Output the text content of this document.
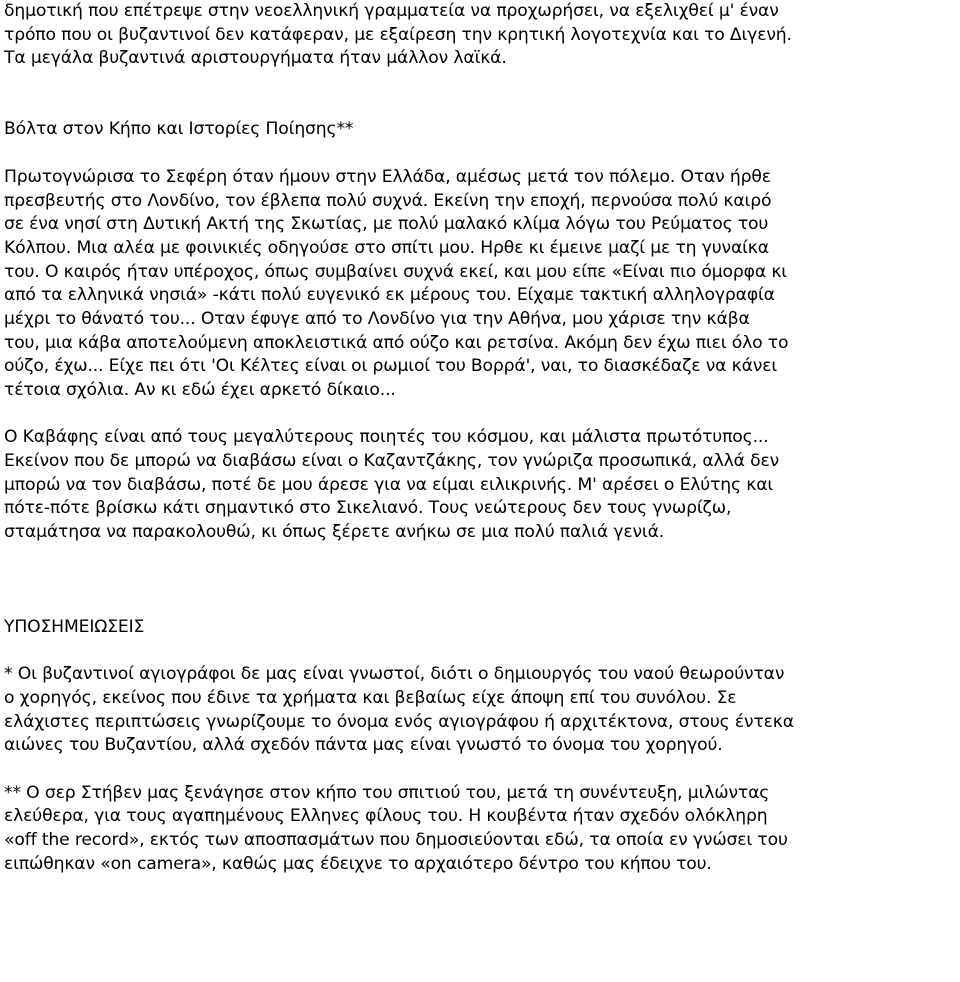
δημοτική που επέτρεψε στην νεοελληνική γραμματεία να προχωρήσει, να εξελιχθεί μ' έναν
τρόπο που οι βυζαντινοί δεν κατάφεραν, με εξαίρεση την κρητική λογοτεχνία και το Διγενή.
Τα μεγάλα βυζαντινά αριστουργήματα ήταν μάλλον λαϊκά.
Βόλτα στον Κήπο και Ιστορίες Ποίησης**
Πρωτογνώρισα το Σεφέρη όταν ήμουν στην Ελλάδα, αμέσως μετά τον πόλεμο. Οταν ήρθε
πρεσβευτής στο Λονδίνο, τον έβλεπα πολύ συχνά. Εκείνη την εποχή, περνούσα πολύ καιρό
σε ένα νησί στη Δυτική Ακτή της Σκωτίας, με πολύ μαλακό κλίμα λόγω του Ρεύματος του
Κόλπου. Μια αλέα με φοινικιές οδηγούσε στο σπίτι μου. Ηρθε κι έμεινε μαζί με τη γυναίκα
του. Ο καιρός ήταν υπέροχος, όπως συμβαίνει συχνά εκεί, και μου είπε «Είναι πιο όμορφα κι
από τα ελληνικά νησιά» -κάτι πολύ ευγενικό εκ μέρους του. Είχαμε τακτική αλληλογραφία
μέχρι το θάνατό του... Οταν έφυγε από το Λονδίνο για την Αθήνα, μου χάρισε την κάβα
του, μια κάβα αποτελούμενη αποκλειστικά από ούζο και ρετσίνα. Ακόμη δεν έχω πιει όλο το
ούζο, έχω... Είχε πει ότι 'Οι Κέλτες είναι οι ρωμιοί του Βορρά', ναι, το διασκέδαζε να κάνει
τέτοια σχόλια. Αν κι εδώ έχει αρκετό δίκαιο...
Ο Καβάφης είναι από τους μεγαλύτερους ποιητές του κόσμου, και μάλιστα πρωτότυπος...
Εκείνον που δε μπορώ να διαβάσω είναι ο Καζαντζάκης, τον γνώριζα προσωπικά, αλλά δεν
μπορώ να τον διαβάσω, ποτέ δε μου άρεσε για να είμαι ειλικρινής. Μ' αρέσει ο Ελύτης και
πότε-πότε βρίσκω κάτι σημαντικό στο Σικελιανό. Τους νεώτερους δεν τους γνωρίζω,
σταμάτησα να παρακολουθώ, κι όπως ξέρετε ανήκω σε μια πολύ παλιά γενιά.
ΥΠΟΣΗΜΕΙΩΣΕΙΣ
* Οι βυζαντινοί αγιογράφοι δε μας είναι γνωστοί, διότι ο δημιουργός του ναού θεωρούνταν
ο χορηγός, εκείνος που έδινε τα χρήματα και βεβαίως είχε άποψη επί του συνόλου. Σε
ελάχιστες περιπτώσεις γνωρίζουμε το όνομα ενός αγιογράφου ή αρχιτέκτονα, στους έντεκα
αιώνες του Βυζαντίου, αλλά σχεδόν πάντα μας είναι γνωστό το όνομα του χορηγού.
** Ο σερ Στήβεν μας ξενάγησε στον κήπο του σπιτιού του, μετά τη συνέντευξη, μιλώντας
ελεύθερα, για τους αγαπημένους Ελληνες φίλους του. Η κουβέντα ήταν σχεδόν ολόκληρη
«off the record», εκτός των αποσπασμάτων που δημοσιεύονται εδώ, τα οποία εν γνώσει του
ειπώθηκαν «on camera», καθώς μας έδειχνε το αρχαιότερο δέντρο του κήπου του.
